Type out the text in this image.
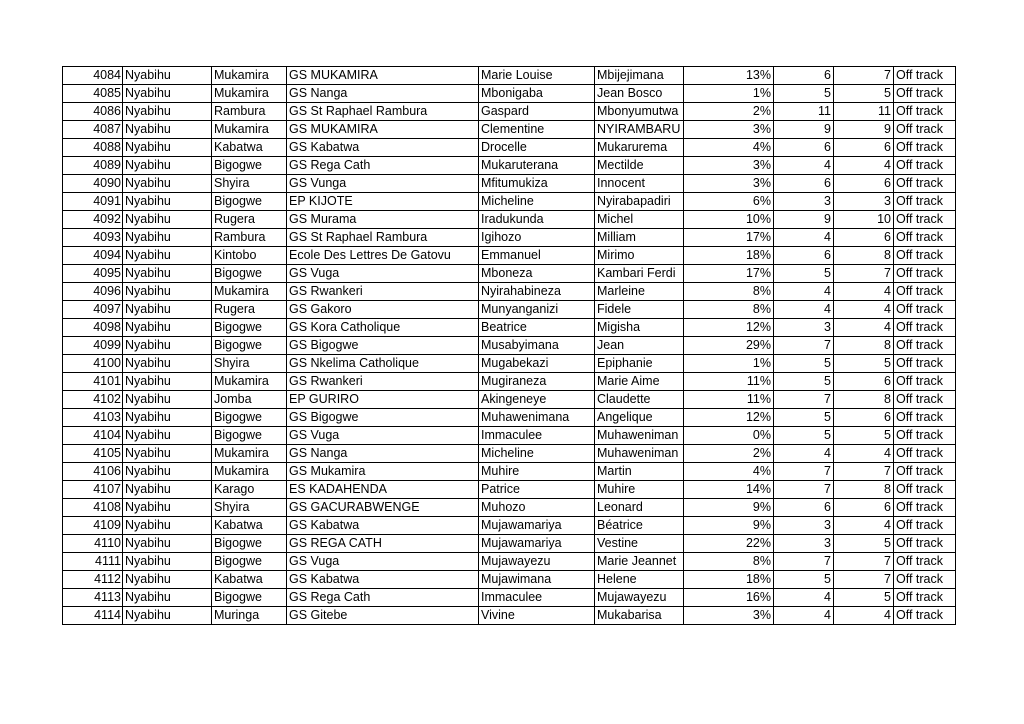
4084	Nyabihu	Mukamira	GS MUKAMIRA	Marie Louise	Mbijejimana	13%	6	7	Off track
4085	Nyabihu	Mukamira	GS Nanga	Mbonigaba	Jean Bosco	1%	5	5	Off track
4086	Nyabihu	Rambura	GS St Raphael Rambura	Gaspard	Mbonyumutwa	2%	11	11	Off track
4087	Nyabihu	Mukamira	GS MUKAMIRA	Clementine	NYIRAMBARU	3%	9	9	Off track
4088	Nyabihu	Kabatwa	GS Kabatwa	Drocelle	Mukarurema	4%	6	6	Off track
4089	Nyabihu	Bigogwe	GS Rega Cath	Mukaruterana	Mectilde	3%	4	4	Off track
4090	Nyabihu	Shyira	GS Vunga	Mfitumukiza	Innocent	3%	6	6	Off track
4091	Nyabihu	Bigogwe	EP KIJOTE	Micheline	Nyirabapadiri	6%	3	3	Off track
4092	Nyabihu	Rugera	GS Murama	Iradukunda	Michel	10%	9	10	Off track
4093	Nyabihu	Rambura	GS St Raphael Rambura	Igihozo	Milliam	17%	4	6	Off track
4094	Nyabihu	Kintobo	Ecole Des Lettres De Gatovu	Emmanuel	Mirimo	18%	6	8	Off track
4095	Nyabihu	Bigogwe	GS Vuga	Mboneza	Kambari Ferdi	17%	5	7	Off track
4096	Nyabihu	Mukamira	GS Rwankeri	Nyirahabineza	Marleine	8%	4	4	Off track
4097	Nyabihu	Rugera	GS Gakoro	Munyanganizi	Fidele	8%	4	4	Off track
4098	Nyabihu	Bigogwe	GS Kora Catholique	Beatrice	Migisha	12%	3	4	Off track
4099	Nyabihu	Bigogwe	GS Bigogwe	Musabyimana	Jean	29%	7	8	Off track
4100	Nyabihu	Shyira	GS Nkelima Catholique	Mugabekazi	Epiphanie	1%	5	5	Off track
4101	Nyabihu	Mukamira	GS Rwankeri	Mugiraneza	Marie Aime	11%	5	6	Off track
4102	Nyabihu	Jomba	EP GURIRO	Akingeneye	Claudette	11%	7	8	Off track
4103	Nyabihu	Bigogwe	GS Bigogwe	Muhawenimana	Angelique	12%	5	6	Off track
4104	Nyabihu	Bigogwe	GS Vuga	Immaculee	Muhaweniman	0%	5	5	Off track
4105	Nyabihu	Mukamira	GS Nanga	Micheline	Muhaweniman	2%	4	4	Off track
4106	Nyabihu	Mukamira	GS Mukamira	Muhire	Martin	4%	7	7	Off track
4107	Nyabihu	Karago	ES KADAHENDA	Patrice	Muhire	14%	7	8	Off track
4108	Nyabihu	Shyira	GS GACURABWENGE	Muhozo	Leonard	9%	6	6	Off track
4109	Nyabihu	Kabatwa	GS Kabatwa	Mujawamariya	Béatrice	9%	3	4	Off track
4110	Nyabihu	Bigogwe	GS REGA CATH	Mujawamariya	Vestine	22%	3	5	Off track
4111	Nyabihu	Bigogwe	GS Vuga	Mujawayezu	Marie Jeannet	8%	7	7	Off track
4112	Nyabihu	Kabatwa	GS Kabatwa	Mujawimana	Helene	18%	5	7	Off track
4113	Nyabihu	Bigogwe	GS Rega Cath	Immaculee	Mujawayezu	16%	4	5	Off track
4114	Nyabihu	Muringa	GS Gitebe	Vivine	Mukabarisa	3%	4	4	Off track
